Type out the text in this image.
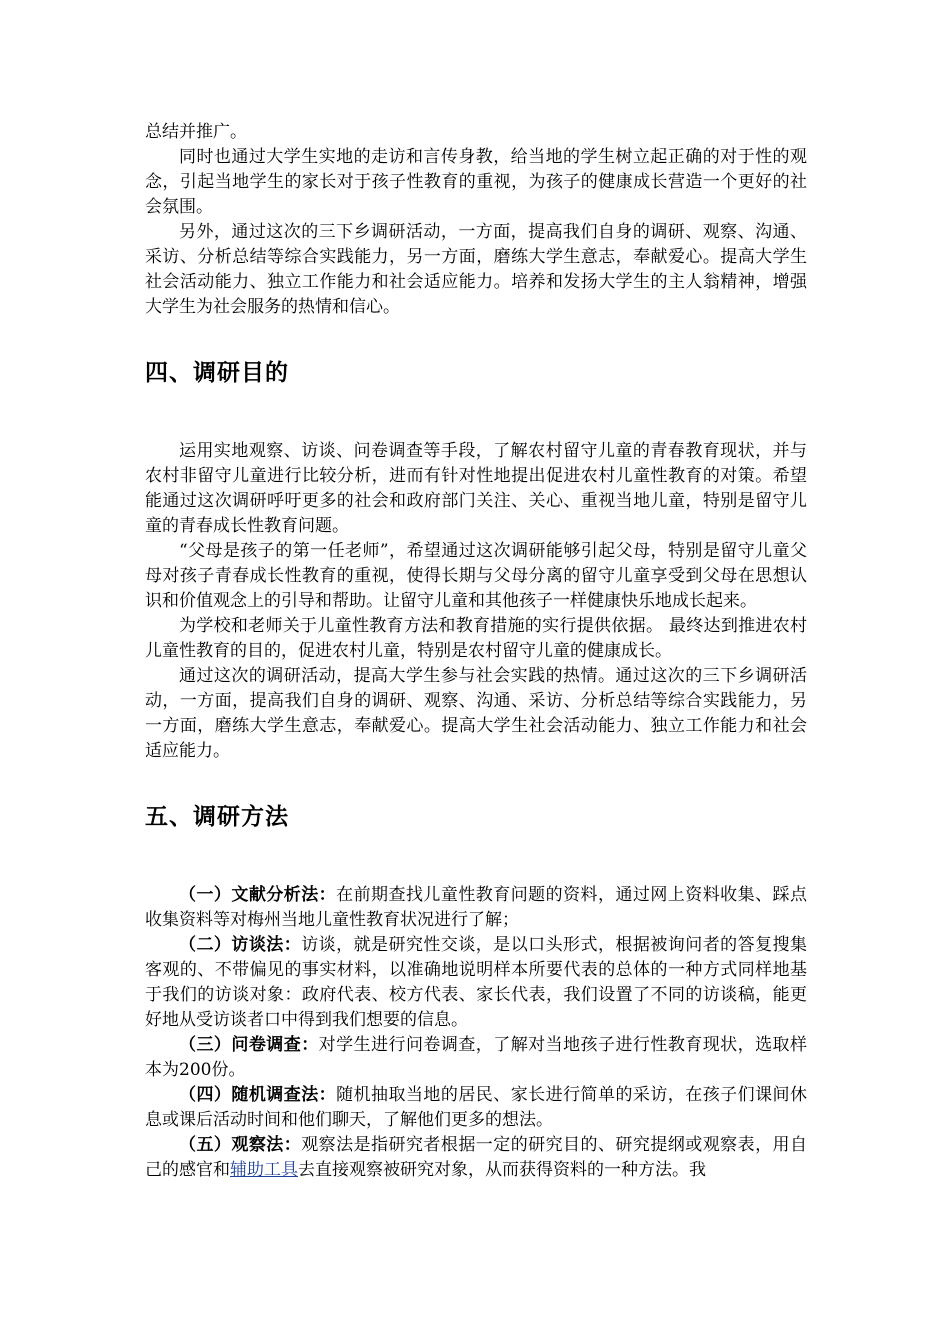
总结并推广。

同时也通过大学生实地的走访和言传身教，给当地的学生树立起正确的对于性的观念，引起当地学生的家长对于孩子性教育的重视，为孩子的健康成长营造一个更好的社会氛围。

另外，通过这次的三下乡调研活动，一方面，提高我们自身的调研、观察、沟通、采访、分析总结等综合实践能力，另一方面，磨练大学生意志，奉献爱心。提高大学生社会活动能力、独立工作能力和社会适应能力。培养和发扬大学生的主人翁精神，增强大学生为社会服务的热情和信心。

四、调研目的

运用实地观察、访谈、问卷调查等手段，了解农村留守儿童的青春教育现状，并与农村非留守儿童进行比较分析，进而有针对性地提出促进农村儿童性教育的对策。希望能通过这次调研呼吁更多的社会和政府部门关注、关心、重视当地儿童，特别是留守儿童的青春成长性教育问题。

“父母是孩子的第一任老师”，希望通过这次调研能够引起父母，特别是留守儿童父母对孩子青春成长性教育的重视，使得长期与父母分离的留守儿童享受到父母在思想认识和价值观念上的引导和帮助。让留守儿童和其他孩子一样健康快乐地成长起来。

为学校和老师关于儿童性教育方法和教育措施的实行提供依据。 最终达到推进农村儿童性教育的目的，促进农村儿童，特别是农村留守儿童的健康成长。

通过这次的调研活动，提高大学生参与社会实践的热情。通过这次的三下乡调研活动，一方面，提高我们自身的调研、观察、沟通、采访、分析总结等综合实践能力，另一方面，磨练大学生意志，奉献爱心。提高大学生社会活动能力、独立工作能力和社会适应能力。

五、调研方法

（一）文献分析法：在前期查找儿童性教育问题的资料，通过网上资料收集、踩点收集资料等对梅州当地儿童性教育状况进行了解；

（二）访谈法：访谈，就是研究性交谈，是以口头形式，根据被询问者的答复搜集客观的、不带偏见的事实材料，以准确地说明样本所要代表的总体的一种方式同样地基于我们的访谈对象：政府代表、校方代表、家长代表，我们设置了不同的访谈稿，能更好地从受访谈者口中得到我们想要的信息。

（三）问卷调查：对学生进行问卷调查，了解对当地孩子进行性教育现状，选取样本为200份。

（四）随机调查法：随机抽取当地的居民、家长进行简单的采访，在孩子们课间休息或课后活动时间和他们聊天，了解他们更多的想法。

（五）观察法：观察法是指研究者根据一定的研究目的、研究提纲或观察表，用自己的感官和辅助工具去直接观察被研究对象，从而获得资料的一种方法。我
